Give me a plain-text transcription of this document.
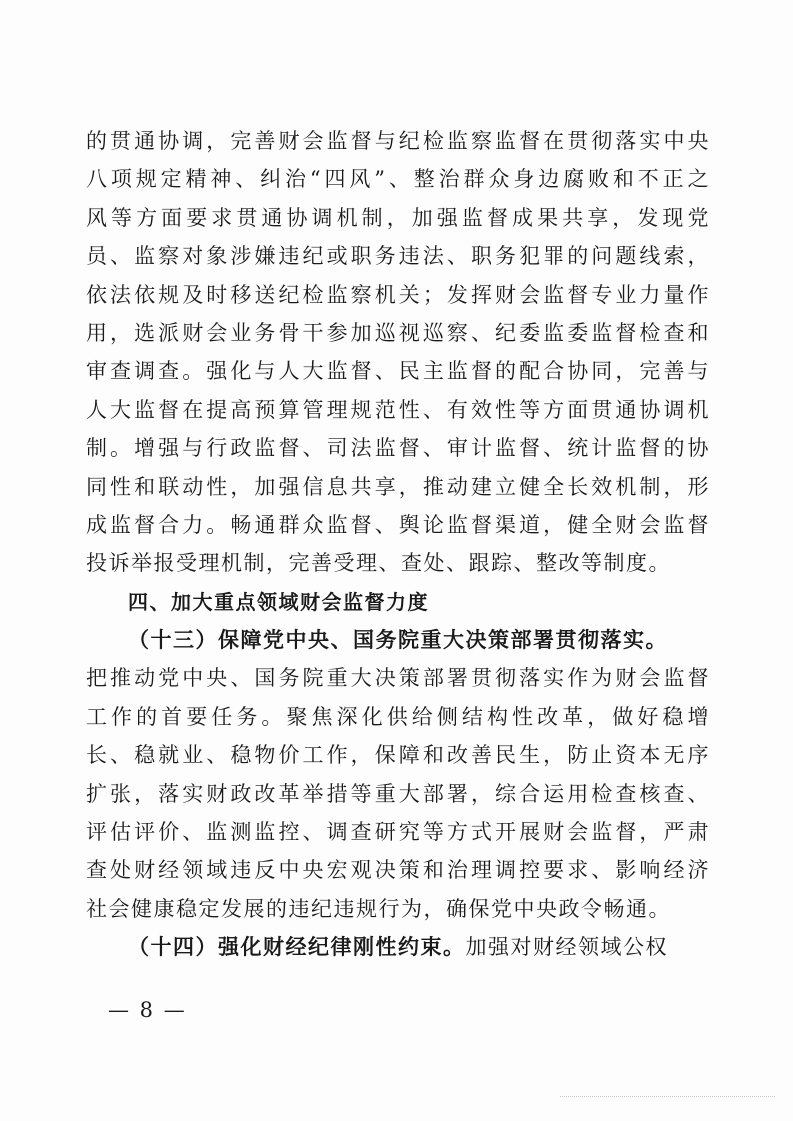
的贯通协调，完善财会监督与纪检监察监督在贯彻落实中央
八项规定精神、纠治“四风”、整治群众身边腐败和不正之
风等方面要求贯通协调机制，加强监督成果共享，发现党
员、监察对象涉嫌违纪或职务违法、职务犯罪的问题线索，
依法依规及时移送纪检监察机关；发挥财会监督专业力量作
用，选派财会业务骨干参加巡视巡察、纪委监委监督检查和
审查调查。强化与人大监督、民主监督的配合协同，完善与
人大监督在提高预算管理规范性、有效性等方面贯通协调机
制。增强与行政监督、司法监督、审计监督、统计监督的协
同性和联动性，加强信息共享，推动建立健全长效机制，形
成监督合力。畅通群众监督、舆论监督渠道，健全财会监督
投诉举报受理机制，完善受理、查处、跟踪、整改等制度。
四、加大重点领域财会监督力度
（十三）保障党中央、国务院重大决策部署贯彻落实。
把推动党中央、国务院重大决策部署贯彻落实作为财会监督
工作的首要任务。聚焦深化供给侧结构性改革，做好稳增
长、稳就业、稳物价工作，保障和改善民生，防止资本无序
扩张，落实财政改革举措等重大部署，综合运用检查核查、
评估评价、监测监控、调查研究等方式开展财会监督，严肃
查处财经领域违反中央宏观决策和治理调控要求、影响经济
社会健康稳定发展的违纪违规行为，确保党中央政令畅通。
（十四）强化财经纪律刚性约束。加强对财经领域公权
— 8 —
